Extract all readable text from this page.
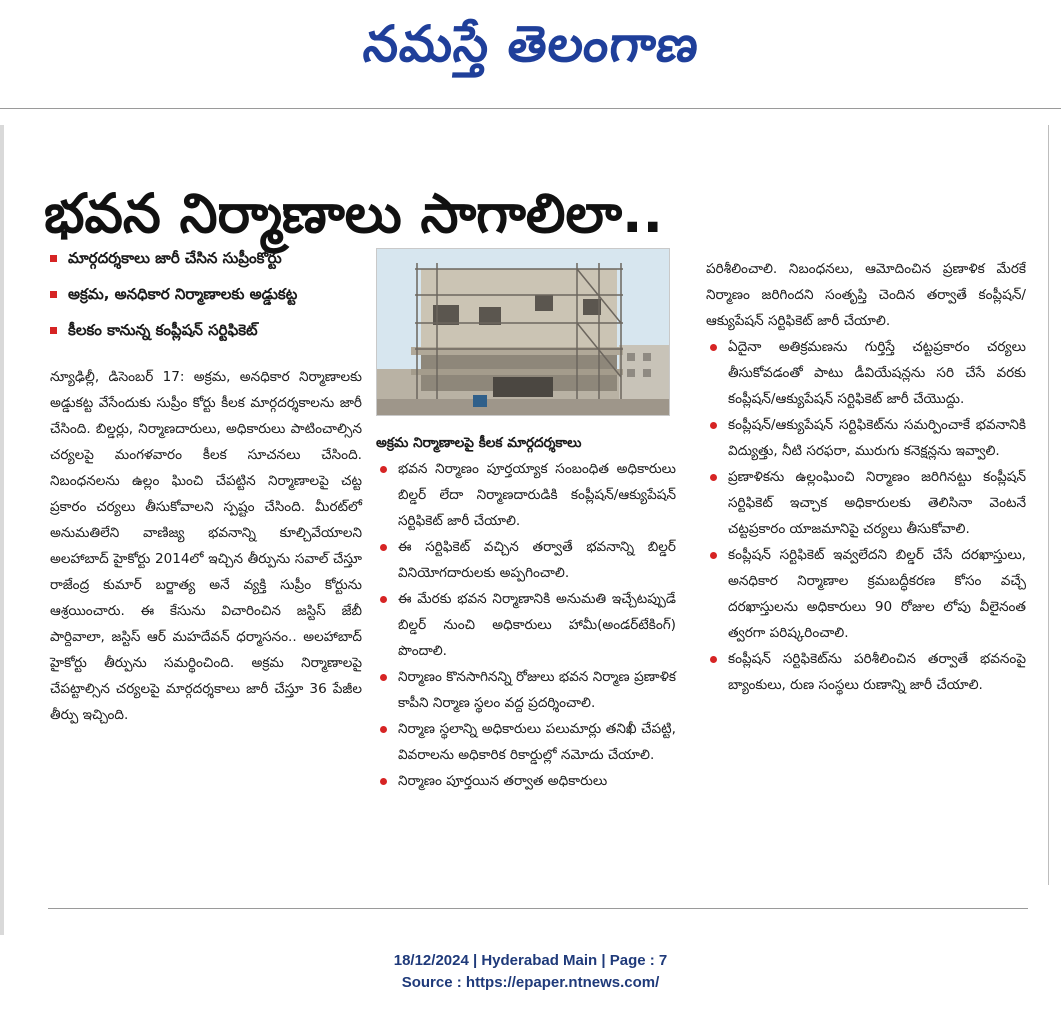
నమస్తే తెలంగాణ
భవన నిర్మాణాలు సాగాలిలా..
మార్గదర్శకాలు జారీ చేసిన సుప్రీంకోర్టు
అక్రమ, అనధికార నిర్మాణాలకు అడ్డుకట్ట
కీలకం కానున్న కంప్లీషన్ సర్టిఫికెట్

న్యూఢిల్లీ, డిసెంబర్ 17: అక్రమ, అనధికార నిర్మాణాలకు అడ్డుకట్ట వేసేందుకు సుప్రీం కోర్టు కీలక మార్గదర్శకాలను జారీ చేసింది. బిల్డర్లు, నిర్మాణదారులు, అధికారులు పాటించాల్సిన చర్యలపై మంగళవారం కీలక సూచనలు చేసింది. నిబంధనలను ఉల్లం ఘించి చేపట్టిన నిర్మాణాలపై చట్ట ప్రకారం చర్యలు తీసుకోవాలని స్పష్టం చేసింది. మీరట్‌లో అనుమతిలేని వాణిజ్య భవనాన్ని కూల్చివేయాలని అలహాబాద్ హైకోర్టు 2014లో ఇచ్చిన తీర్పును సవాల్ చేస్తూ రాజేంద్ర కుమార్ బర్జాత్య అనే వ్యక్తి సుప్రీం కోర్టును ఆశ్రయించారు. ఈ కేసును విచారించిన జస్టిస్ జేబీ పార్దివాలా, జస్టిస్ ఆర్ మహదేవన్ ధర్మాసనం.. అలహాబాద్ హైకోర్టు తీర్పును సమర్థించింది. అక్రమ నిర్మాణాలపై చేపట్టాల్సిన చర్యలపై మార్గదర్శకాలు జారీ చేస్తూ 36 పేజీల తీర్పు ఇచ్చింది.

అక్రమ నిర్మాణాలపై కీలక మార్గదర్శకాలు

భవన నిర్మాణం పూర్తయ్యాక సంబంధిత అధికారులు బిల్డర్ లేదా నిర్మాణదారుడికి కంప్లీషన్/ఆక్యుపేషన్ సర్టిఫికెట్ జారీ చేయాలి.

ఈ సర్టిఫికెట్ వచ్చిన తర్వాతే భవనాన్ని బిల్డర్ వినియోగదారులకు అప్పగించాలి.

ఈ మేరకు భవన నిర్మాణానికి అనుమతి ఇచ్చేటప్పుడే బిల్డర్ నుంచి అధికారులు హామీ(అండర్‌టేకింగ్) పొందాలి.

నిర్మాణం కొనసాగినన్ని రోజులు భవన నిర్మాణ ప్రణాళిక కాపీని నిర్మాణ స్థలం వద్ద ప్రదర్శించాలి.

నిర్మాణ స్థలాన్ని అధికారులు పలుమార్లు తనిఖీ చేపట్టి, వివరాలను అధికారిక రికార్డుల్లో నమోదు చేయాలి.

నిర్మాణం పూర్తయిన తర్వాత అధికారులు

పరిశీలించాలి. నిబంధనలు, ఆమోదించిన ప్రణాళిక మేరకే నిర్మాణం జరిగిందని సంతృప్తి చెందిన తర్వాతే కంప్లీషన్/ఆక్యుపేషన్ సర్టిఫికెట్ జారీ చేయాలి.

ఏదైనా అతిక్రమణను గుర్తిస్తే చట్టప్రకారం చర్యలు తీసుకోవడంతో పాటు డీవియేషన్లను సరి చేసే వరకు కంప్లీషన్/ఆక్యుపేషన్ సర్టిఫికెట్ జారీ చేయొద్దు.

కంప్లీషన్/ఆక్యుపేషన్ సర్టిఫికెట్‌ను సమర్పించాకే భవనానికి విద్యుత్తు, నీటి సరఫరా, మురుగు కనెక్షన్లను ఇవ్వాలి.

ప్రణాళికను ఉల్లంఘించి నిర్మాణం జరిగినట్టు కంప్లీషన్ సర్టిఫికెట్ ఇచ్చాక అధికారులకు తెలిసినా వెంటనే చట్టప్రకారం యాజమానిపై చర్యలు తీసుకోవాలి.

కంప్లీషన్ సర్టిఫికెట్ ఇవ్వలేదని బిల్డర్ చేసే దరఖాస్తులు, అనధికార నిర్మాణాల క్రమబద్ధీకరణ కోసం వచ్చే దరఖాస్తులను అధికారులు 90 రోజుల లోపు వీలైనంత త్వరగా పరిష్కరించాలి.

కంప్లీషన్ సర్టిఫికెట్‌ను పరిశీలించిన తర్వాతే భవనంపై బ్యాంకులు, రుణ సంస్థలు రుణాన్ని జారీ చేయాలి.

18/12/2024 | Hyderabad Main | Page : 7
Source : https://epaper.ntnews.com/
